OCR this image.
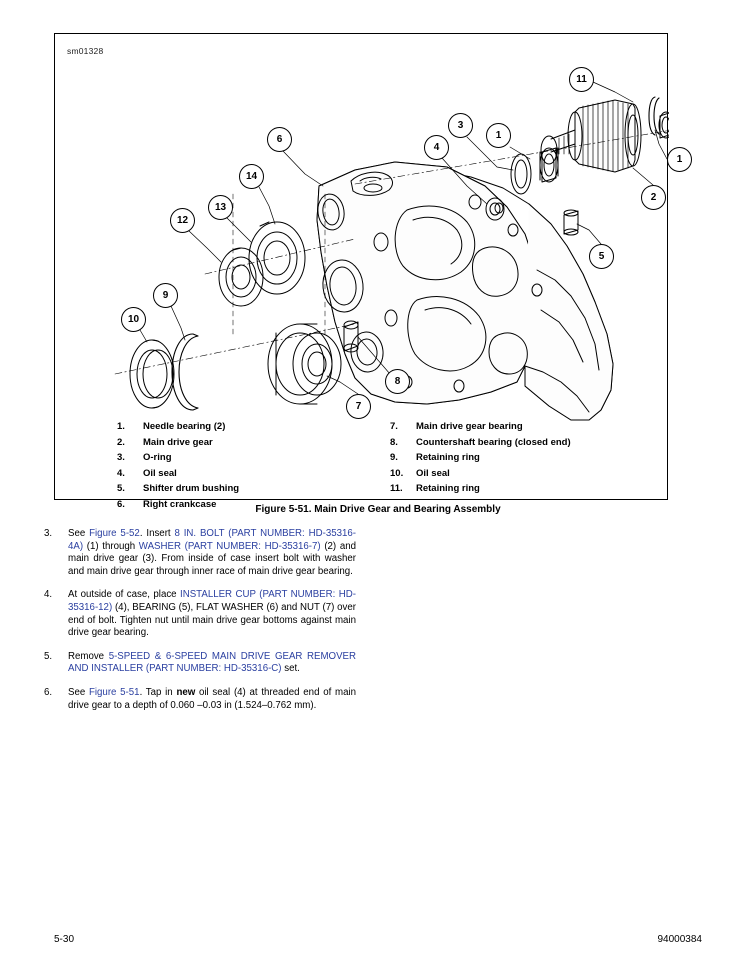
sm01328
1
1
2
3
4
5
6
7
8
9
10
11
12
13
14
1.	Needle bearing (2)
2.	Main drive gear
3.	O-ring
4.	Oil seal
5.	Shifter drum bushing
6.	Right crankcase
7.	Main drive gear bearing
8.	Countershaft bearing (closed end)
9.	Retaining ring
10.	Oil seal
11.	Retaining ring
Figure 5-51. Main Drive Gear and Bearing Assembly
3.	See Figure 5-52. Insert 8 IN. BOLT (PART NUMBER: HD-35316-4A) (1) through WASHER (PART NUMBER: HD-35316-7) (2) and main drive gear (3). From inside of case insert bolt with washer and main drive gear through inner race of main drive gear bearing.
4.	At outside of case, place INSTALLER CUP (PART NUMBER: HD-35316-12) (4), BEARING (5), FLAT WASHER (6) and NUT (7) over end of bolt. Tighten nut until main drive gear bottoms against main drive gear bearing.
5.	Remove 5-SPEED & 6-SPEED MAIN DRIVE GEAR REMOVER AND INSTALLER (PART NUMBER: HD-35316-C) set.
6.	See Figure 5-51. Tap in new oil seal (4) at threaded end of main drive gear to a depth of 0.060 –0.03 in (1.524–0.762 mm).
5-30	94000384
